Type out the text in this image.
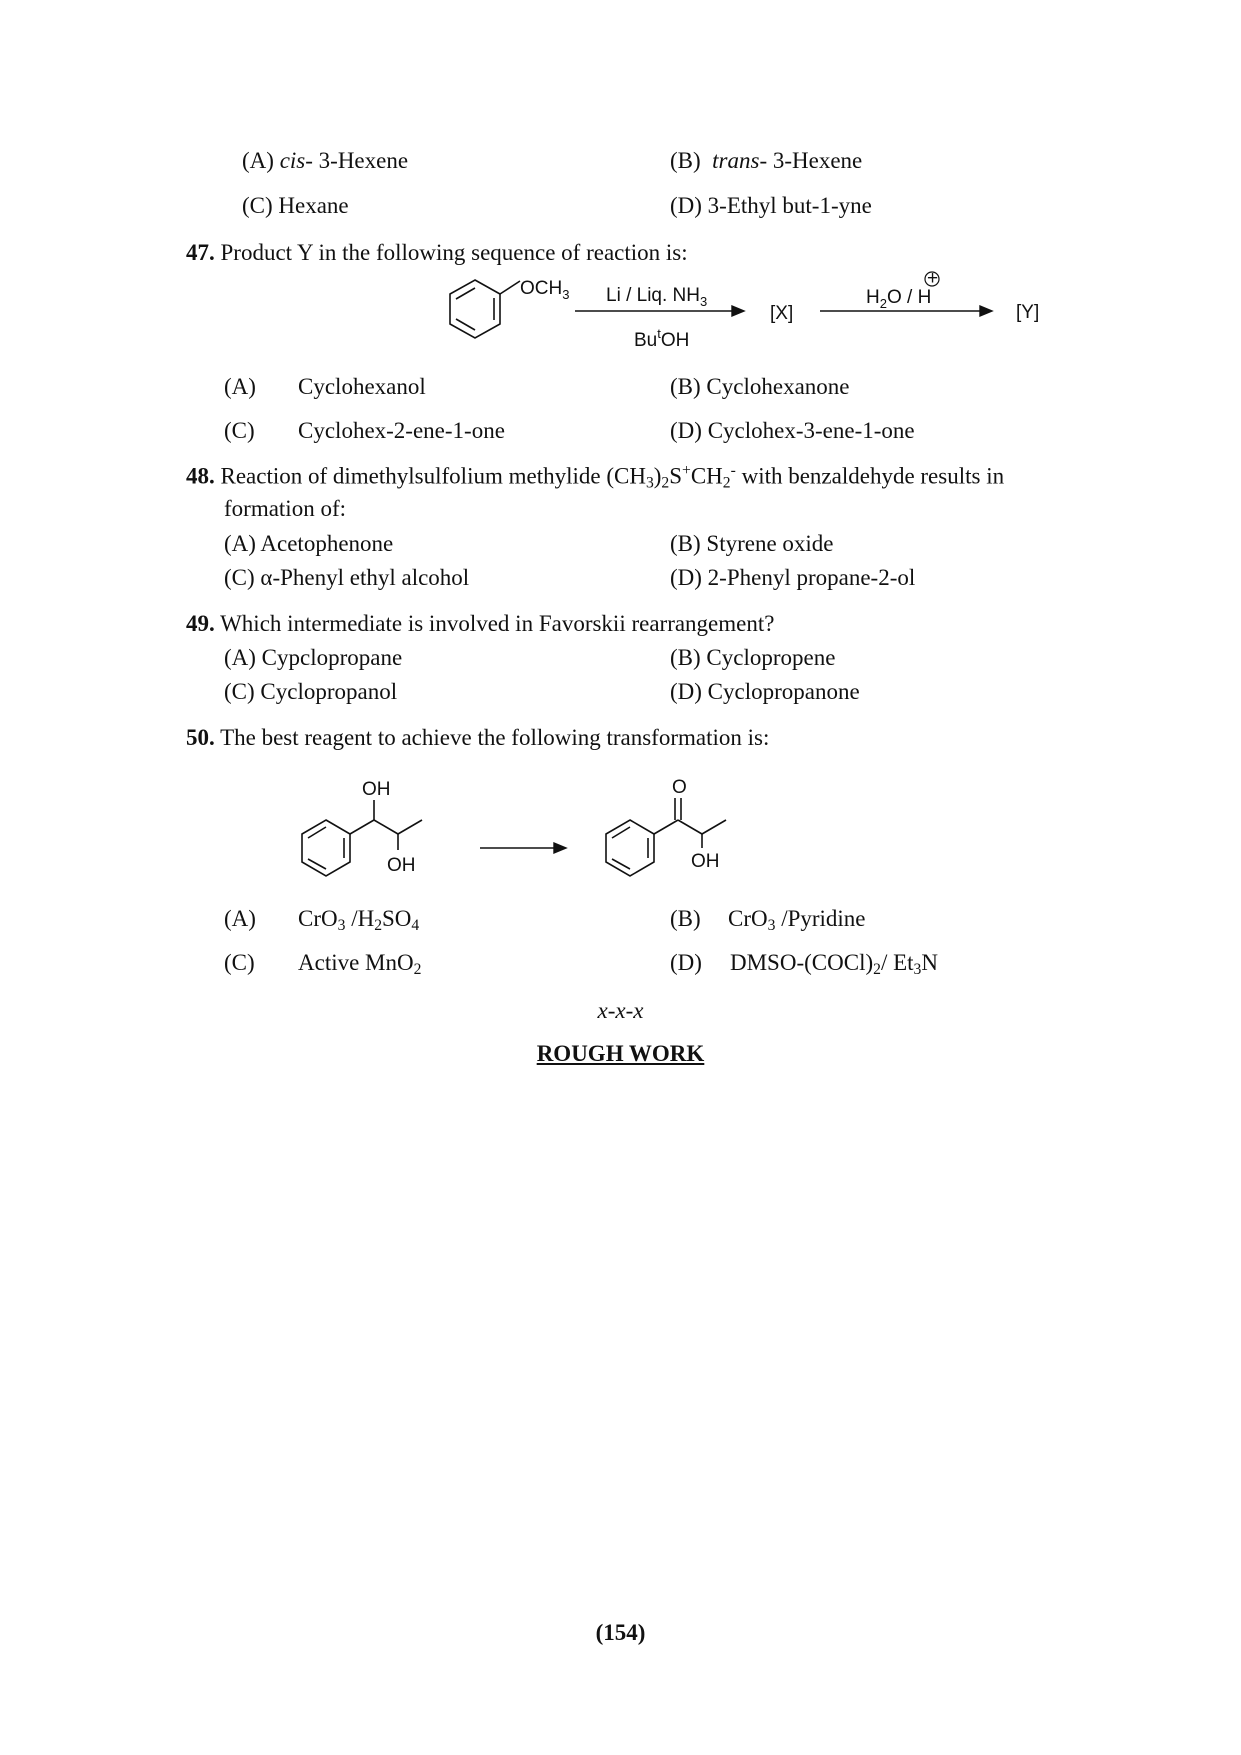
(A) cis- 3-Hexene	(B) trans- 3-Hexene
(C) Hexane	(D) 3-Ethyl but-1-yne
47. Product Y in the following sequence of reaction is:
$OCH_3$ Li / Liq. $NH_3$
Bu$^t$OH
[X]
$H_2O$ / H
+
[Y]
(A) Cyclohexanol	(B) Cyclohexanone
(C) Cyclohex-2-ene-1-one	(D) Cyclohex-3-ene-1-one
48. Reaction of dimethylsulfolium methylide $(CH_3)_2S^+CH_2^-$ with benzaldehyde results in
formation of:
(A) Acetophenone	(B) Styrene oxide
(C) α-Phenyl ethyl alcohol	(D) 2-Phenyl propane-2-ol
49. Which intermediate is involved in Favorskii rearrangement?
(A) Cypclopropane	(B) Cyclopropene
(C) Cyclopropanol	(D) Cyclopropanone
50. The best reagent to achieve the following transformation is:
OH
OH
O
OH
(A) CrO$_3$ $/H_2SO_4$	(B) CrO$_3$ /Pyridine
(C) Active MnO$_2$	(D) DMSO-$(COCl)_2/$ $Et_3N$
x-x-x
ROUGH WORK
(154)
